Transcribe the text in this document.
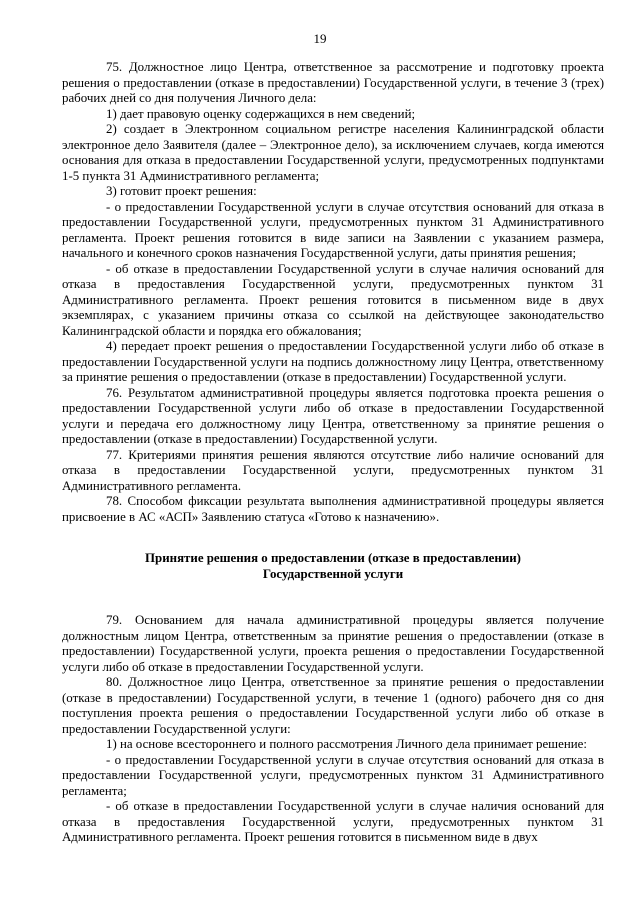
19

75. Должностное лицо Центра, ответственное за рассмотрение и подготовку проекта решения о предоставлении (отказе в предоставлении) Государственной услуги, в течение 3 (трех) рабочих дней со дня получения Личного дела:

1) дает правовую оценку содержащихся в нем сведений;

2) создает в Электронном социальном регистре населения Калининградской области электронное дело Заявителя (далее – Электронное дело), за исключением случаев, когда имеются основания для отказа в предоставлении Государственной услуги, предусмотренных подпунктами 1-5 пункта 31 Административного регламента;

3) готовит проект решения:

- о предоставлении Государственной услуги в случае отсутствия оснований для отказа в предоставлении Государственной услуги, предусмотренных пунктом 31 Административного регламента. Проект решения готовится в виде записи на Заявлении с указанием размера, начального и конечного сроков назначения Государственной услуги, даты принятия решения;

- об отказе в предоставлении Государственной услуги в случае наличия оснований для отказа в предоставления Государственной услуги, предусмотренных пунктом 31 Административного регламента. Проект решения готовится в письменном виде в двух экземплярах, с указанием причины отказа со ссылкой на действующее законодательство Калининградской области и порядка его обжалования;

4) передает проект решения о предоставлении Государственной услуги либо об отказе в предоставлении Государственной услуги на подпись должностному лицу Центра, ответственному за принятие решения о предоставлении (отказе в предоставлении) Государственной услуги.

76. Результатом административной процедуры является подготовка проекта решения о предоставлении Государственной услуги либо об отказе в предоставлении Государственной услуги и передача его должностному лицу Центра, ответственному за принятие решения о предоставлении (отказе в предоставлении) Государственной услуги.

77. Критериями принятия решения являются отсутствие либо наличие оснований для отказа в предоставлении Государственной услуги, предусмотренных пунктом 31 Административного регламента.

78. Способом фиксации результата выполнения административной процедуры является присвоение в АС «АСП» Заявлению статуса «Готово к назначению».

Принятие решения о предоставлении (отказе в предоставлении)
Государственной услуги

79. Основанием для начала административной процедуры является получение должностным лицом Центра, ответственным за принятие решения о предоставлении (отказе в предоставлении) Государственной услуги, проекта решения о предоставлении Государственной услуги либо об отказе в предоставлении Государственной услуги.

80. Должностное лицо Центра, ответственное за принятие решения о предоставлении (отказе в предоставлении) Государственной услуги, в течение 1 (одного) рабочего дня со дня поступления проекта решения о предоставлении Государственной услуги либо об отказе в предоставлении Государственной услуги:

1) на основе всестороннего и полного рассмотрения Личного дела принимает решение:

- о предоставлении Государственной услуги в случае отсутствия оснований для отказа в предоставлении Государственной услуги, предусмотренных пунктом 31 Административного регламента;

- об отказе в предоставлении Государственной услуги в случае наличия оснований для отказа в предоставления Государственной услуги, предусмотренных пунктом 31 Административного регламента. Проект решения готовится в письменном виде в двух
